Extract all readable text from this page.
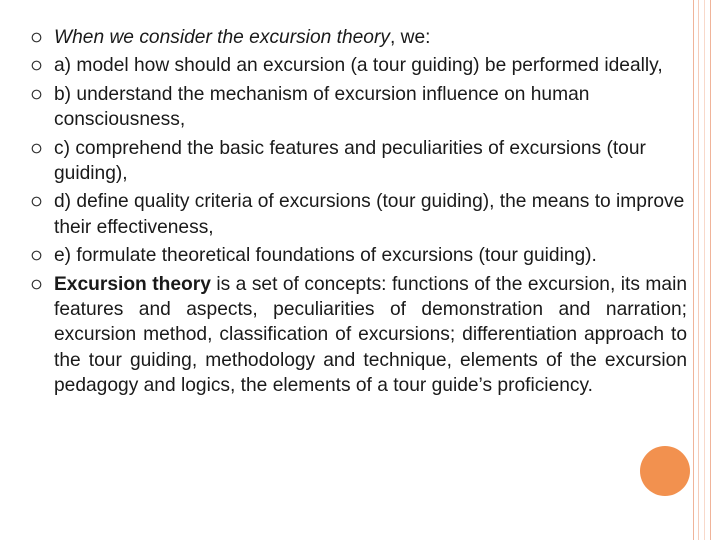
When we consider the excursion theory, we:
a) model how should an excursion (a tour guiding) be performed ideally,
b) understand the mechanism of excursion influence on human consciousness,
c) comprehend the basic features and peculiarities of excursions (tour guiding),
d) define quality criteria of excursions (tour guiding), the means to improve their effectiveness,
e) formulate theoretical foundations of excursions (tour guiding).
Excursion theory is a set of concepts: functions of the excursion, its main features and aspects, peculiarities of demonstration and narration; excursion method, classification of excursions; differentiation approach to the tour guiding, methodology and technique, elements of the excursion pedagogy and logics, the elements of a tour guide’s proficiency.
